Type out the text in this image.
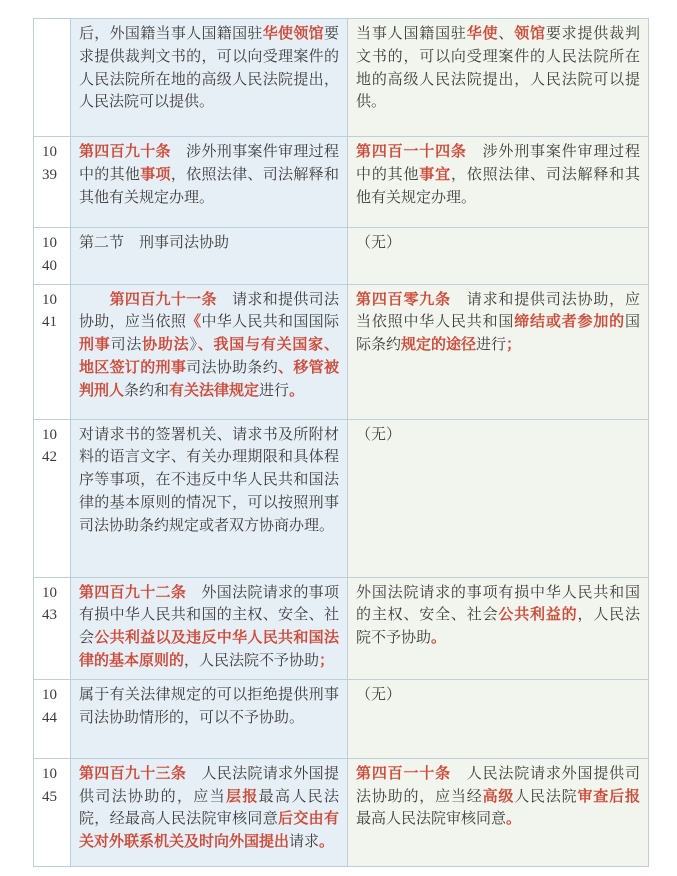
	后，外国籍当事人国籍国驻华使领馆要求提供裁判文书的，可以向受理案件的人民法院所在地的高级人民法院提出，人民法院可以提供。	当事人国籍国驻华使、领馆要求提供裁判文书的，可以向受理案件的人民法院所在地的高级人民法院提出，人民法院可以提供。
1039	第四百九十条　涉外刑事案件审理过程中的其他事项，依照法律、司法解释和其他有关规定办理。	第四百一十四条　涉外刑事案件审理过程中的其他事宜，依照法律、司法解释和其他有关规定办理。
1040	第二节　刑事司法协助	（无）
1041	　　第四百九十一条　请求和提供司法协助，应当依照《中华人民共和国国际刑事司法协助法》、我国与有关国家、地区签订的刑事司法协助条约、移管被判刑人条约和有关法律规定进行。	第四百零九条　请求和提供司法协助，应当依照中华人民共和国缔结或者参加的国际条约规定的途径进行；
1042	对请求书的签署机关、请求书及所附材料的语言文字、有关办理期限和具体程序等事项，在不违反中华人民共和国法律的基本原则的情况下，可以按照刑事司法协助条约规定或者双方协商办理。	（无）
1043	第四百九十二条　外国法院请求的事项有损中华人民共和国的主权、安全、社会公共利益以及违反中华人民共和国法律的基本原则的，人民法院不予协助；	外国法院请求的事项有损中华人民共和国的主权、安全、社会公共利益的，人民法院不予协助。
1044	属于有关法律规定的可以拒绝提供刑事司法协助情形的，可以不予协助。	（无）
1045	第四百九十三条　人民法院请求外国提供司法协助的，应当层报最高人民法院，经最高人民法院审核同意后交由有关对外联系机关及时向外国提出请求。	第四百一十条　人民法院请求外国提供司法协助的，应当经高级人民法院审查后报最高人民法院审核同意。
